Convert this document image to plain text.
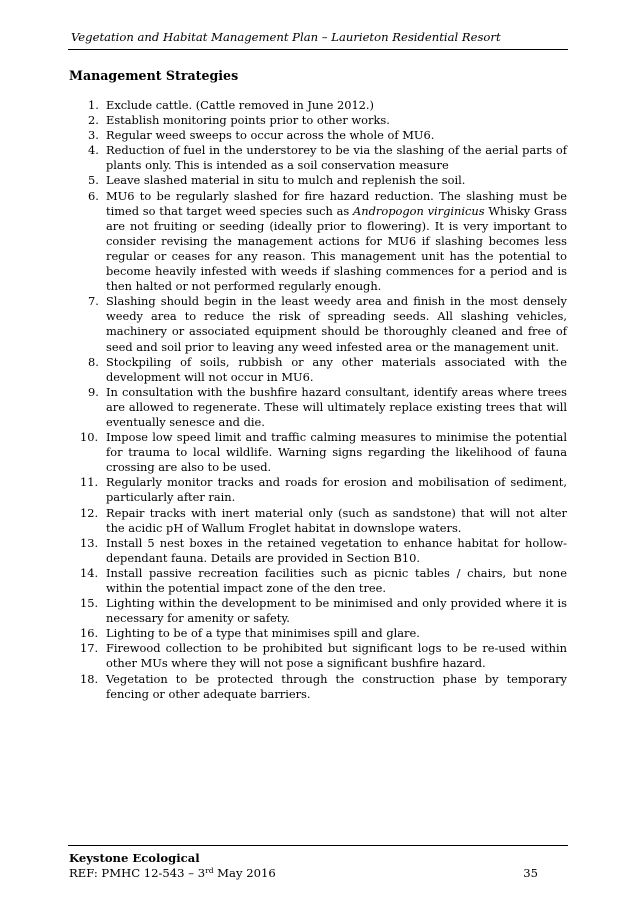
Vegetation and Habitat Management Plan – Laurieton Residential Resort
Management Strategies
1. Exclude cattle. (Cattle removed in June 2012.)
2. Establish monitoring points prior to other works.
3. Regular weed sweeps to occur across the whole of MU6.
4. Reduction of fuel in the understorey to be via the slashing of the aerial parts of plants only. This is intended as a soil conservation measure
5. Leave slashed material in situ to mulch and replenish the soil.
6. MU6 to be regularly slashed for fire hazard reduction. The slashing must be timed so that target weed species such as Andropogon virginicus Whisky Grass are not fruiting or seeding (ideally prior to flowering). It is very important to consider revising the management actions for MU6 if slashing becomes less regular or ceases for any reason. This management unit has the potential to become heavily infested with weeds if slashing commences for a period and is then halted or not performed regularly enough.
7. Slashing should begin in the least weedy area and finish in the most densely weedy area to reduce the risk of spreading seeds. All slashing vehicles, machinery or associated equipment should be thoroughly cleaned and free of seed and soil prior to leaving any weed infested area or the management unit.
8. Stockpiling of soils, rubbish or any other materials associated with the development will not occur in MU6.
9. In consultation with the bushfire hazard consultant, identify areas where trees are allowed to regenerate. These will ultimately replace existing trees that will eventually senesce and die.
10. Impose low speed limit and traffic calming measures to minimise the potential for trauma to local wildlife. Warning signs regarding the likelihood of fauna crossing are also to be used.
11. Regularly monitor tracks and roads for erosion and mobilisation of sediment, particularly after rain.
12. Repair tracks with inert material only (such as sandstone) that will not alter the acidic pH of Wallum Froglet habitat in downslope waters.
13. Install 5 nest boxes in the retained vegetation to enhance habitat for hollow-dependant fauna. Details are provided in Section B10.
14. Install passive recreation facilities such as picnic tables / chairs, but none within the potential impact zone of the den tree.
15. Lighting within the development to be minimised and only provided where it is necessary for amenity or safety.
16. Lighting to be of a type that minimises spill and glare.
17. Firewood collection to be prohibited but significant logs to be re-used within other MUs where they will not pose a significant bushfire hazard.
18. Vegetation to be protected through the construction phase by temporary fencing or other adequate barriers.
Keystone Ecological
REF: PMHC 12-543 – 3rd May 2016	35
